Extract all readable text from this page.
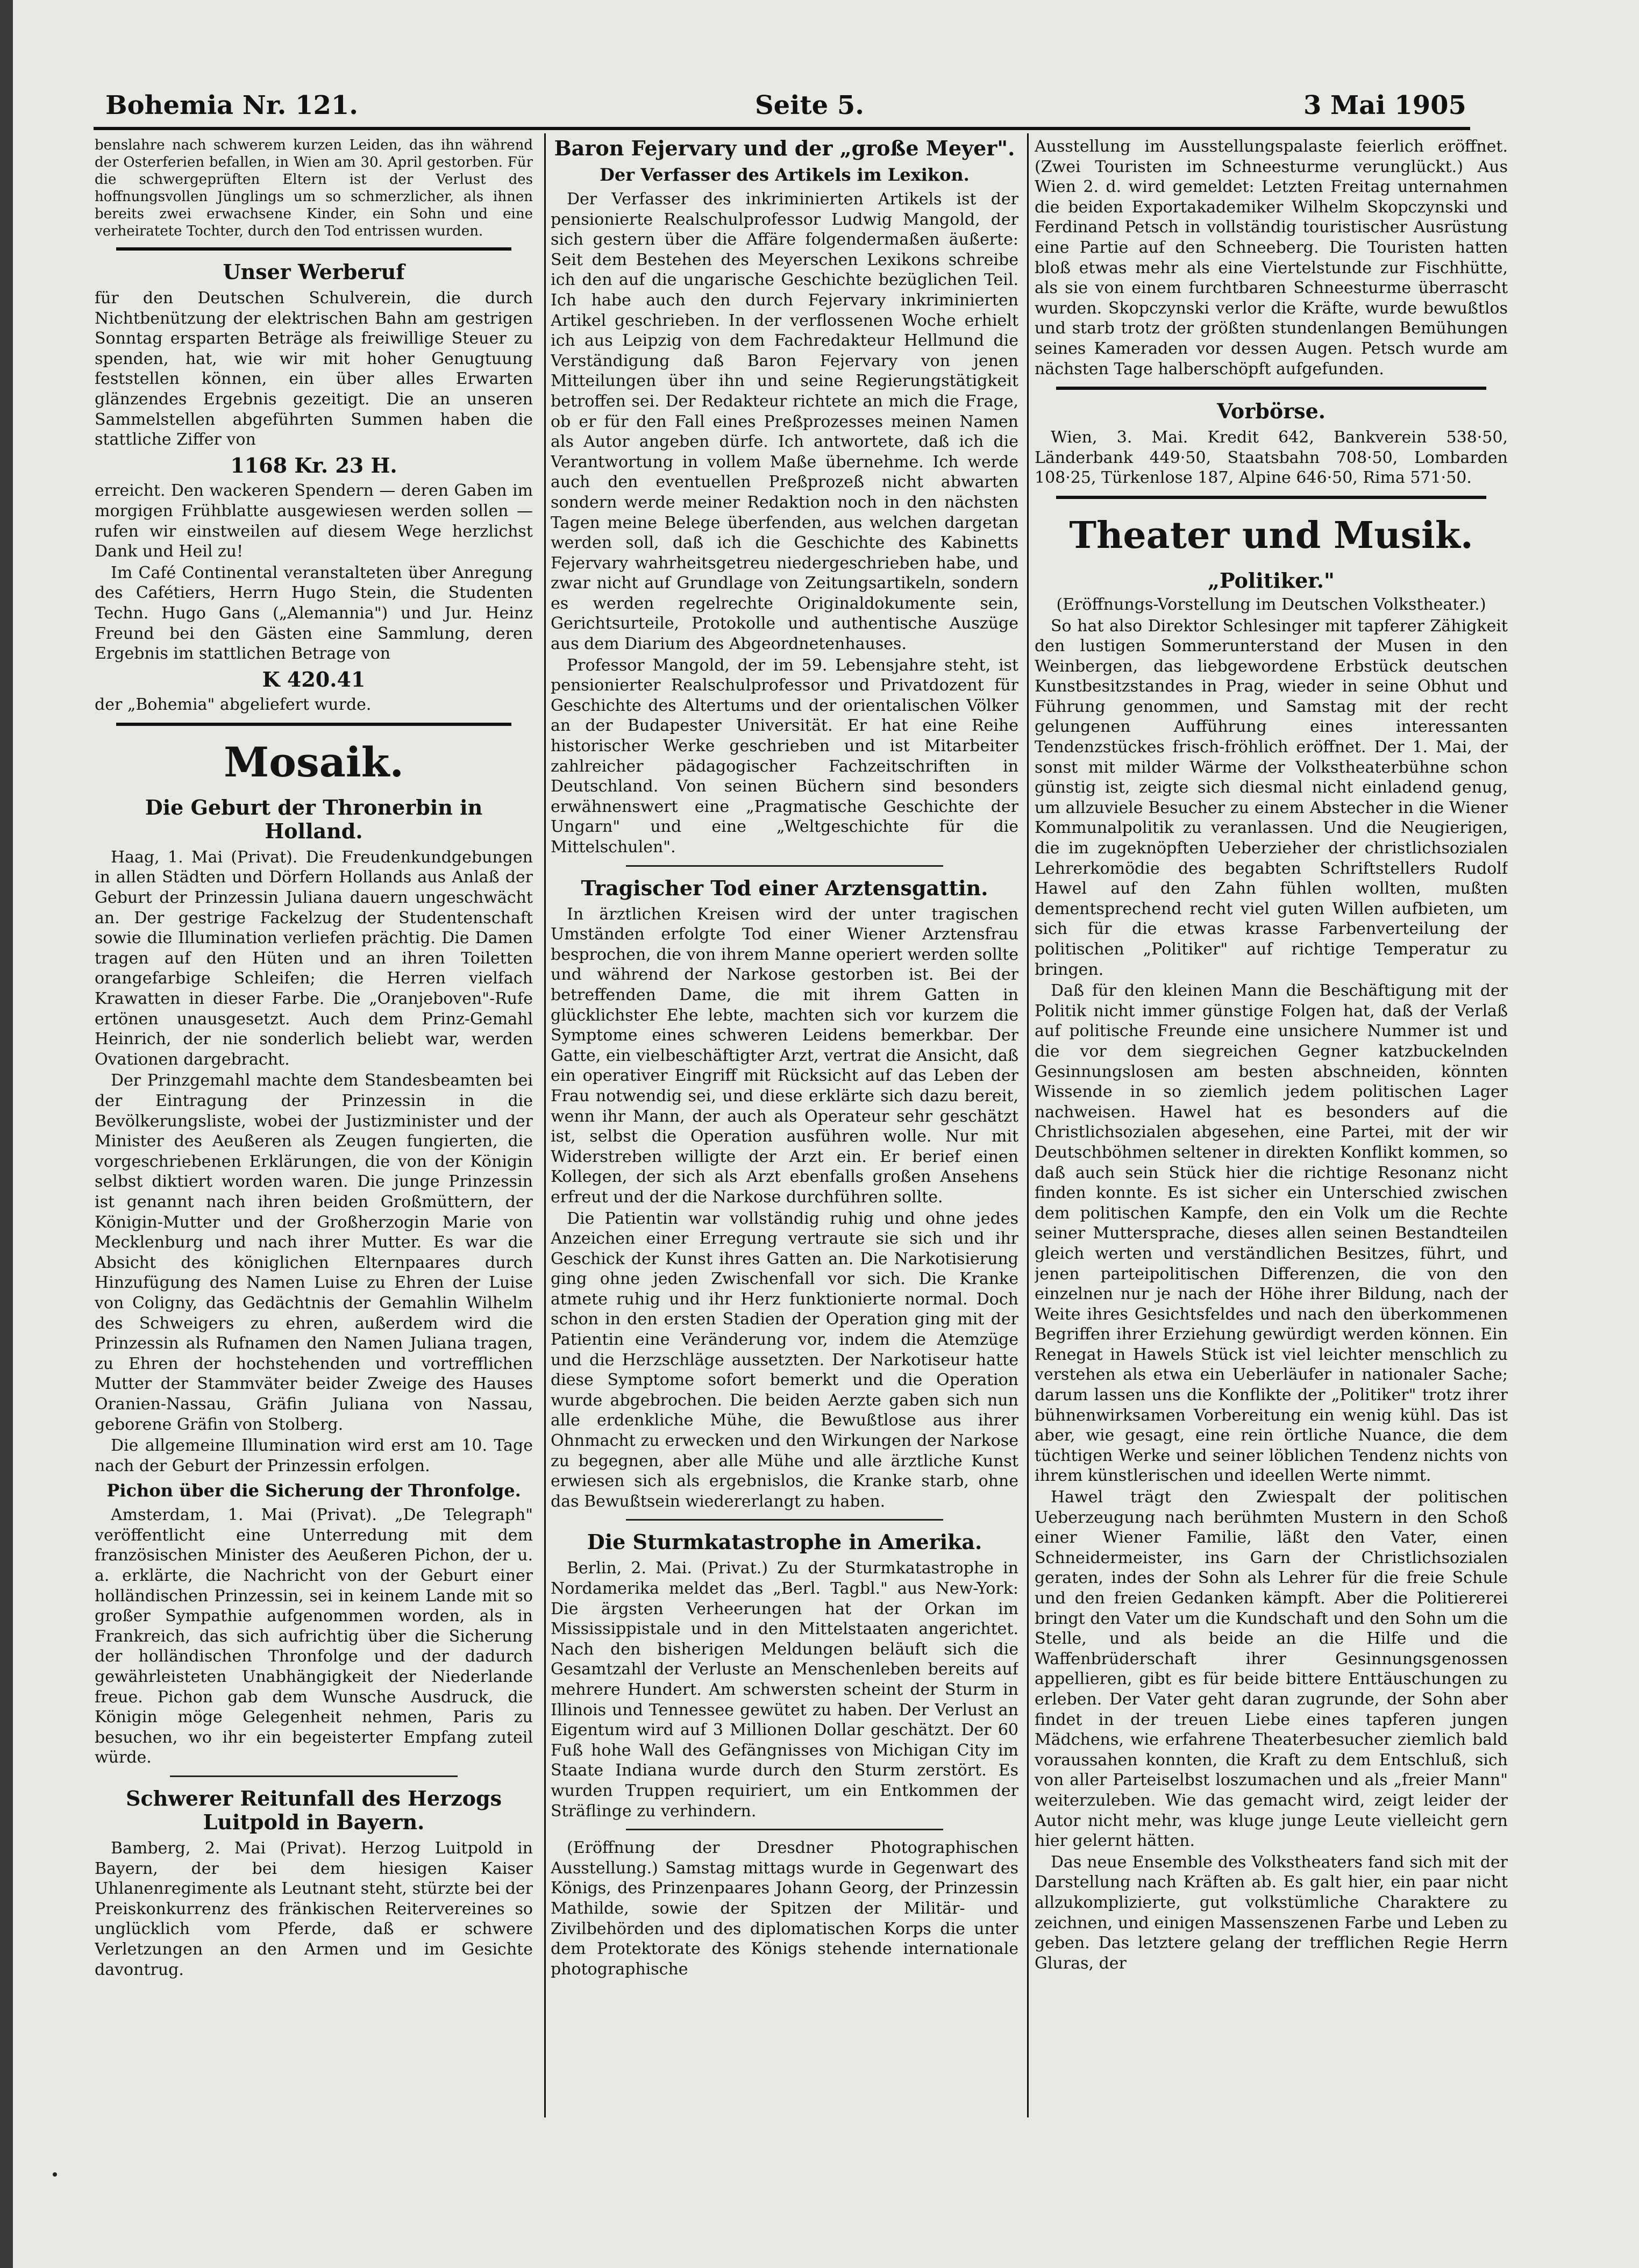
Bohemia Nr. 121.	Seite 5.	3 Mai 1905

benslahre nach schwerem kurzen Leiden, das ihn während der Osterferien befallen, in Wien am 30. April gestorben. Für die schwergeprüften Eltern ist der Verlust des hoffnungsvollen Jünglings um so schmerzlicher, als ihnen bereits zwei erwachsene Kinder, ein Sohn und eine verheiratete Tochter, durch den Tod entrissen wurden.

Unser Werberuf

für den Deutschen Schulverein, die durch Nichtbenützung der elektrischen Bahn am gestrigen Sonntag ersparten Beträge als freiwillige Steuer zu spenden, hat, wie wir mit hoher Genugtuung feststellen können, ein über alles Erwarten glänzendes Ergebnis gezeitigt. Die an unseren Sammelstellen abgeführten Summen haben die stattliche Ziffer von

1168 Kr. 23 H.

erreicht. Den wackeren Spendern — deren Gaben im morgigen Frühblatte ausgewiesen werden sollen — rufen wir einstweilen auf diesem Wege herzlichst Dank und Heil zu!

Im Café Continental veranstalteten über Anregung des Cafétiers, Herrn Hugo Stein, die Studenten Techn. Hugo Gans („Alemannia") und Jur. Heinz Freund bei den Gästen eine Sammlung, deren Ergebnis im stattlichen Betrage von

K 420.41

der „Bohemia" abgeliefert wurde.

Mosaik.
Die Geburt der Thronerbin in Holland.

Haag, 1. Mai (Privat). Die Freudenkundgebungen in allen Städten und Dörfern Hollands aus Anlaß der Geburt der Prinzessin Juliana dauern ungeschwächt an. Der gestrige Fackelzug der Studentenschaft sowie die Illumination verliefen prächtig. Die Damen tragen auf den Hüten und an ihren Toiletten orangefarbige Schleifen; die Herren vielfach Krawatten in dieser Farbe. Die „Oranjeboven"-Rufe ertönen unausgesetzt. Auch dem Prinz-Gemahl Heinrich, der nie sonderlich beliebt war, werden Ovationen dargebracht.

Der Prinzgemahl machte dem Standesbeamten bei der Eintragung der Prinzessin in die Bevölkerungsliste, wobei der Justizminister und der Minister des Aeußeren als Zeugen fungierten, die vorgeschriebenen Erklärungen, die von der Königin selbst diktiert worden waren. Die junge Prinzessin ist genannt nach ihren beiden Großmüttern, der Königin-Mutter und der Großherzogin Marie von Mecklenburg und nach ihrer Mutter. Es war die Absicht des königlichen Elternpaares durch Hinzufügung des Namen Luise zu Ehren der Luise von Coligny, das Gedächtnis der Gemahlin Wilhelm des Schweigers zu ehren, außerdem wird die Prinzessin als Rufnamen den Namen Juliana tragen, zu Ehren der hochstehenden und vortrefflichen Mutter der Stammväter beider Zweige des Hauses Oranien-Nassau, Gräfin Juliana von Nassau, geborene Gräfin von Stolberg.

Die allgemeine Illumination wird erst am 10. Tage nach der Geburt der Prinzessin erfolgen.

Pichon über die Sicherung der Thronfolge.

Amsterdam, 1. Mai (Privat). „De Telegraph" veröffentlicht eine Unterredung mit dem französischen Minister des Aeußeren Pichon, der u. a. erklärte, die Nachricht von der Geburt einer holländischen Prinzessin, sei in keinem Lande mit so großer Sympathie aufgenommen worden, als in Frankreich, das sich aufrichtig über die Sicherung der holländischen Thronfolge und der dadurch gewährleisteten Unabhängigkeit der Niederlande freue. Pichon gab dem Wunsche Ausdruck, die Königin möge Gelegenheit nehmen, Paris zu besuchen, wo ihr ein begeisterter Empfang zuteil würde.

Schwerer Reitunfall des Herzogs Luitpold in Bayern.

Bamberg, 2. Mai (Privat). Herzog Luitpold in Bayern, der bei dem hiesigen Kaiser Uhlanenregimente als Leutnant steht, stürzte bei der Preiskonkurrenz des fränkischen Reitervereines so unglücklich vom Pferde, daß er schwere Verletzungen an den Armen und im Gesichte davontrug.

Baron Fejervary und der „große Meyer".
Der Verfasser des Artikels im Lexikon.

Der Verfasser des inkriminierten Artikels ist der pensionierte Realschulprofessor Ludwig Mangold, der sich gestern über die Affäre folgendermaßen äußerte: Seit dem Bestehen des Meyerschen Lexikons schreibe ich den auf die ungarische Geschichte bezüglichen Teil. Ich habe auch den durch Fejervary inkriminierten Artikel geschrieben. In der verflossenen Woche erhielt ich aus Leipzig von dem Fachredakteur Hellmund die Verständigung daß Baron Fejervary von jenen Mitteilungen über ihn und seine Regierungstätigkeit betroffen sei. Der Redakteur richtete an mich die Frage, ob er für den Fall eines Preßprozesses meinen Namen als Autor angeben dürfe. Ich antwortete, daß ich die Verantwortung in vollem Maße übernehme. Ich werde auch den eventuellen Preßprozeß nicht abwarten sondern werde meiner Redaktion noch in den nächsten Tagen meine Belege überfenden, aus welchen dargetan werden soll, daß ich die Geschichte des Kabinetts Fejervary wahrheitsgetreu niedergeschrieben habe, und zwar nicht auf Grundlage von Zeitungsartikeln, sondern es werden regelrechte Originaldokumente sein, Gerichtsurteile, Protokolle und authentische Auszüge aus dem Diarium des Abgeordnetenhauses.

Professor Mangold, der im 59. Lebensjahre steht, ist pensionierter Realschulprofessor und Privatdozent für Geschichte des Altertums und der orientalischen Völker an der Budapester Universität. Er hat eine Reihe historischer Werke geschrieben und ist Mitarbeiter zahlreicher pädagogischer Fachzeitschriften in Deutschland. Von seinen Büchern sind besonders erwähnenswert eine „Pragmatische Geschichte der Ungarn" und eine „Weltgeschichte für die Mittelschulen".

Tragischer Tod einer Arztensgattin.

In ärztlichen Kreisen wird der unter tragischen Umständen erfolgte Tod einer Wiener Arztensfrau besprochen, die von ihrem Manne operiert werden sollte und während der Narkose gestorben ist. Bei der betreffenden Dame, die mit ihrem Gatten in glücklichster Ehe lebte, machten sich vor kurzem die Symptome eines schweren Leidens bemerkbar. Der Gatte, ein vielbeschäftigter Arzt, vertrat die Ansicht, daß ein operativer Eingriff mit Rücksicht auf das Leben der Frau notwendig sei, und diese erklärte sich dazu bereit, wenn ihr Mann, der auch als Operateur sehr geschätzt ist, selbst die Operation ausführen wolle. Nur mit Widerstreben willigte der Arzt ein. Er berief einen Kollegen, der sich als Arzt ebenfalls großen Ansehens erfreut und der die Narkose durchführen sollte.

Die Patientin war vollständig ruhig und ohne jedes Anzeichen einer Erregung vertraute sie sich und ihr Geschick der Kunst ihres Gatten an. Die Narkotisierung ging ohne jeden Zwischenfall vor sich. Die Kranke atmete ruhig und ihr Herz funktionierte normal. Doch schon in den ersten Stadien der Operation ging mit der Patientin eine Veränderung vor, indem die Atemzüge und die Herzschläge aussetzten. Der Narkotiseur hatte diese Symptome sofort bemerkt und die Operation wurde abgebrochen. Die beiden Aerzte gaben sich nun alle erdenkliche Mühe, die Bewußtlose aus ihrer Ohnmacht zu erwecken und den Wirkungen der Narkose zu begegnen, aber alle Mühe und alle ärztliche Kunst erwiesen sich als ergebnislos, die Kranke starb, ohne das Bewußtsein wiedererlangt zu haben.

Die Sturmkatastrophe in Amerika.

Berlin, 2. Mai. (Privat.) Zu der Sturmkatastrophe in Nordamerika meldet das „Berl. Tagbl." aus New-York: Die ärgsten Verheerungen hat der Orkan im Mississippistale und in den Mittelstaaten angerichtet. Nach den bisherigen Meldungen beläuft sich die Gesamtzahl der Verluste an Menschenleben bereits auf mehrere Hundert. Am schwersten scheint der Sturm in Illinois und Tennessee gewütet zu haben. Der Verlust an Eigentum wird auf 3 Millionen Dollar geschätzt. Der 60 Fuß hohe Wall des Gefängnisses von Michigan City im Staate Indiana wurde durch den Sturm zerstört. Es wurden Truppen requiriert, um ein Entkommen der Sträflinge zu verhindern.

(Eröffnung der Dresdner Photographischen Ausstellung.) Samstag mittags wurde in Gegenwart des Königs, des Prinzenpaares Johann Georg, der Prinzessin Mathilde, sowie der Spitzen der Militär- und Zivilbehörden und des diplomatischen Korps die unter dem Protektorate des Königs stehende internationale photographische

Ausstellung im Ausstellungspalaste feierlich eröffnet. (Zwei Touristen im Schneesturme verunglückt.) Aus Wien 2. d. wird gemeldet: Letzten Freitag unternahmen die beiden Exportakademiker Wilhelm Skopczynski und Ferdinand Petsch in vollständig touristischer Ausrüstung eine Partie auf den Schneeberg. Die Touristen hatten bloß etwas mehr als eine Viertelstunde zur Fischhütte, als sie von einem furchtbaren Schneesturme überrascht wurden. Skopczynski verlor die Kräfte, wurde bewußtlos und starb trotz der größten stundenlangen Bemühungen seines Kameraden vor dessen Augen. Petsch wurde am nächsten Tage halberschöpft aufgefunden.

Vorbörse.

Wien, 3. Mai. Kredit 642, Bankverein 538·50, Länderbank 449·50, Staatsbahn 708·50, Lombarden 108·25, Türkenlose 187, Alpine 646·50, Rima 571·50.

Theater und Musik.
„Politiker."

(Eröffnungs-Vorstellung im Deutschen Volkstheater.)

So hat also Direktor Schlesinger mit tapferer Zähigkeit den lustigen Sommerunterstand der Musen in den Weinbergen, das liebgewordene Erbstück deutschen Kunstbesitzstandes in Prag, wieder in seine Obhut und Führung genommen, und Samstag mit der recht gelungenen Aufführung eines interessanten Tendenzstückes frisch-fröhlich eröffnet. Der 1. Mai, der sonst mit milder Wärme der Volkstheaterbühne schon günstig ist, zeigte sich diesmal nicht einladend genug, um allzuviele Besucher zu einem Abstecher in die Wiener Kommunalpolitik zu veranlassen. Und die Neugierigen, die im zugeknöpften Ueberzieher der christlichsozialen Lehrerkomödie des begabten Schriftstellers Rudolf Hawel auf den Zahn fühlen wollten, mußten dementsprechend recht viel guten Willen aufbieten, um sich für die etwas krasse Farbenverteilung der politischen „Politiker" auf richtige Temperatur zu bringen.

Daß für den kleinen Mann die Beschäftigung mit der Politik nicht immer günstige Folgen hat, daß der Verlaß auf politische Freunde eine unsichere Nummer ist und die vor dem siegreichen Gegner katzbuckelnden Gesinnungslosen am besten abschneiden, könnten Wissende in so ziemlich jedem politischen Lager nachweisen. Hawel hat es besonders auf die Christlichsozialen abgesehen, eine Partei, mit der wir Deutschböhmen seltener in direkten Konflikt kommen, so daß auch sein Stück hier die richtige Resonanz nicht finden konnte. Es ist sicher ein Unterschied zwischen dem politischen Kampfe, den ein Volk um die Rechte seiner Muttersprache, dieses allen seinen Bestandteilen gleich werten und verständlichen Besitzes, führt, und jenen parteipolitischen Differenzen, die von den einzelnen nur je nach der Höhe ihrer Bildung, nach der Weite ihres Gesichtsfeldes und nach den überkommenen Begriffen ihrer Erziehung gewürdigt werden können. Ein Renegat in Hawels Stück ist viel leichter menschlich zu verstehen als etwa ein Ueberläufer in nationaler Sache; darum lassen uns die Konflikte der „Politiker" trotz ihrer bühnenwirksamen Vorbereitung ein wenig kühl. Das ist aber, wie gesagt, eine rein örtliche Nuance, die dem tüchtigen Werke und seiner löblichen Tendenz nichts von ihrem künstlerischen und ideellen Werte nimmt.

Hawel trägt den Zwiespalt der politischen Ueberzeugung nach berühmten Mustern in den Schoß einer Wiener Familie, läßt den Vater, einen Schneidermeister, ins Garn der Christlichsozialen geraten, indes der Sohn als Lehrer für die freie Schule und den freien Gedanken kämpft. Aber die Politiererei bringt den Vater um die Kundschaft und den Sohn um die Stelle, und als beide an die Hilfe und die Waffenbrüderschaft ihrer Gesinnungsgenossen appellieren, gibt es für beide bittere Enttäuschungen zu erleben. Der Vater geht daran zugrunde, der Sohn aber findet in der treuen Liebe eines tapferen jungen Mädchens, wie erfahrene Theaterbesucher ziemlich bald voraussahen konnten, die Kraft zu dem Entschluß, sich von aller Parteiselbst loszumachen und als „freier Mann" weiterzuleben. Wie das gemacht wird, zeigt leider der Autor nicht mehr, was kluge junge Leute vielleicht gern hier gelernt hätten.

Das neue Ensemble des Volkstheaters fand sich mit der Darstellung nach Kräften ab. Es galt hier, ein paar nicht allzukomplizierte, gut volkstümliche Charaktere zu zeichnen, und einigen Massenszenen Farbe und Leben zu geben. Das letztere gelang der trefflichen Regie Herrn Gluras, der
